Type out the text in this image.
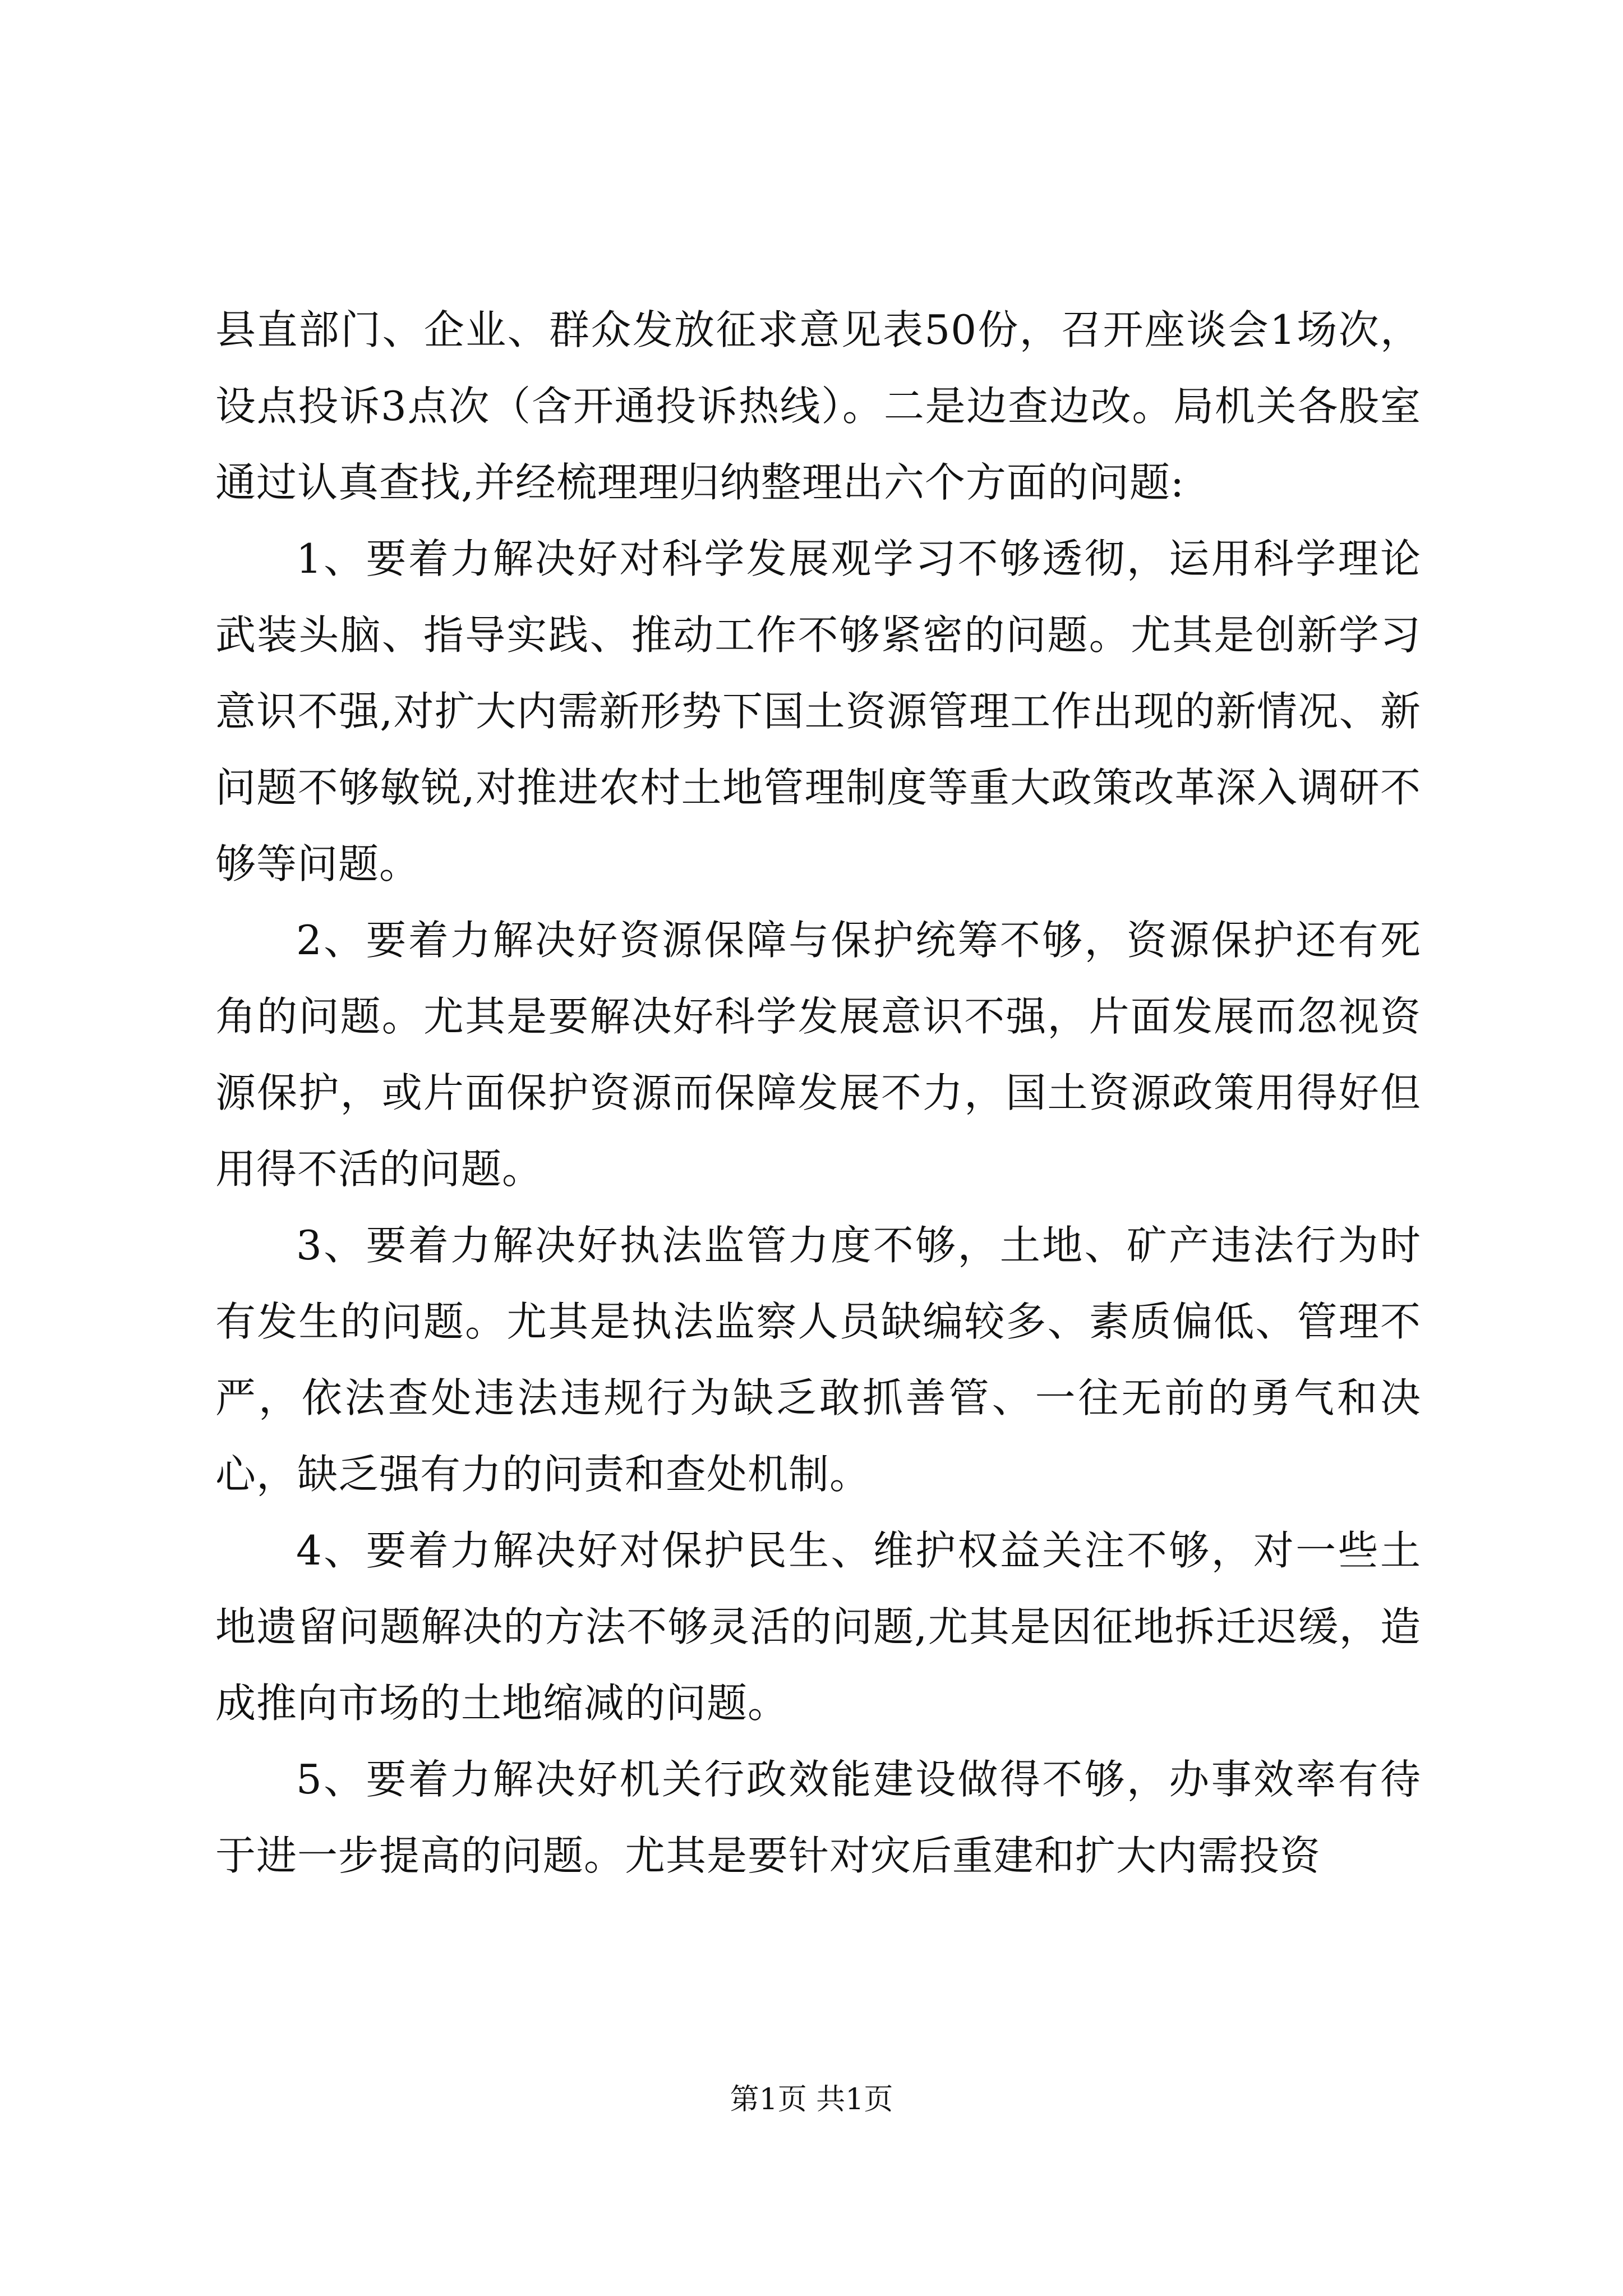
县直部门、企业、群众发放征求意见表50份，召开座谈会1场次，设点投诉3点次（含开通投诉热线）。二是边查边改。局机关各股室通过认真查找,并经梳理理归纳整理出六个方面的问题:

1、要着力解决好对科学发展观学习不够透彻，运用科学理论武装头脑、指导实践、推动工作不够紧密的问题。尤其是创新学习意识不强,对扩大内需新形势下国土资源管理工作出现的新情况、新问题不够敏锐,对推进农村土地管理制度等重大政策改革深入调研不够等问题。

2、要着力解决好资源保障与保护统筹不够，资源保护还有死角的问题。尤其是要解决好科学发展意识不强，片面发展而忽视资源保护，或片面保护资源而保障发展不力，国土资源政策用得好但用得不活的问题。

3、要着力解决好执法监管力度不够，土地、矿产违法行为时有发生的问题。尤其是执法监察人员缺编较多、素质偏低、管理不严，依法查处违法违规行为缺乏敢抓善管、一往无前的勇气和决心，缺乏强有力的问责和查处机制。

4、要着力解决好对保护民生、维护权益关注不够，对一些土地遗留问题解决的方法不够灵活的问题,尤其是因征地拆迁迟缓，造成推向市场的土地缩减的问题。

5、要着力解决好机关行政效能建设做得不够，办事效率有待于进一步提高的问题。尤其是要针对灾后重建和扩大内需投资

第1页 共1页
